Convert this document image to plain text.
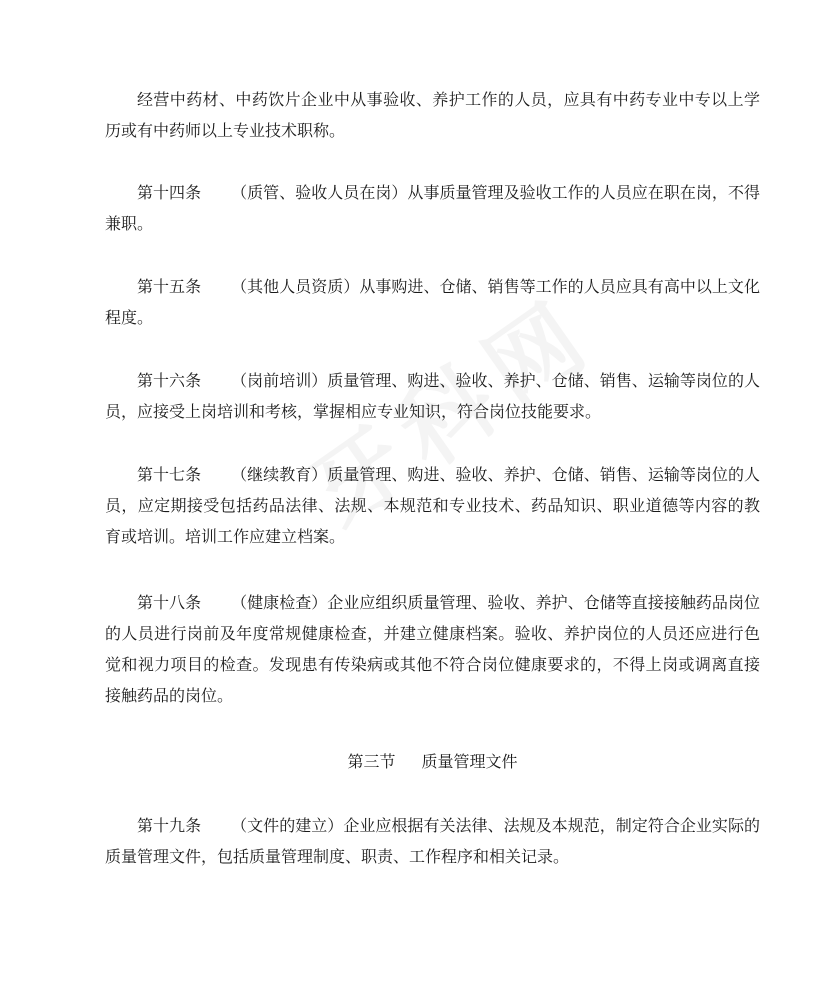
经营中药材、中药饮片企业中从事验收、养护工作的人员，应具有中药专业中专以上学历或有中药师以上专业技术职称。

第十四条 （质管、验收人员在岗）从事质量管理及验收工作的人员应在职在岗，不得兼职。

第十五条 （其他人员资质）从事购进、仓储、销售等工作的人员应具有高中以上文化程度。

第十六条 （岗前培训）质量管理、购进、验收、养护、仓储、销售、运输等岗位的人员，应接受上岗培训和考核，掌握相应专业知识，符合岗位技能要求。

第十七条 （继续教育）质量管理、购进、验收、养护、仓储、销售、运输等岗位的人员，应定期接受包括药品法律、法规、本规范和专业技术、药品知识、职业道德等内容的教育或培训。培训工作应建立档案。

第十八条 （健康检查）企业应组织质量管理、验收、养护、仓储等直接接触药品岗位的人员进行岗前及年度常规健康检查，并建立健康档案。验收、养护岗位的人员还应进行色觉和视力项目的检查。发现患有传染病或其他不符合岗位健康要求的，不得上岗或调离直接接触药品的岗位。

第三节 质量管理文件

第十九条 （文件的建立）企业应根据有关法律、法规及本规范，制定符合企业实际的质量管理文件，包括质量管理制度、职责、工作程序和相关记录。
